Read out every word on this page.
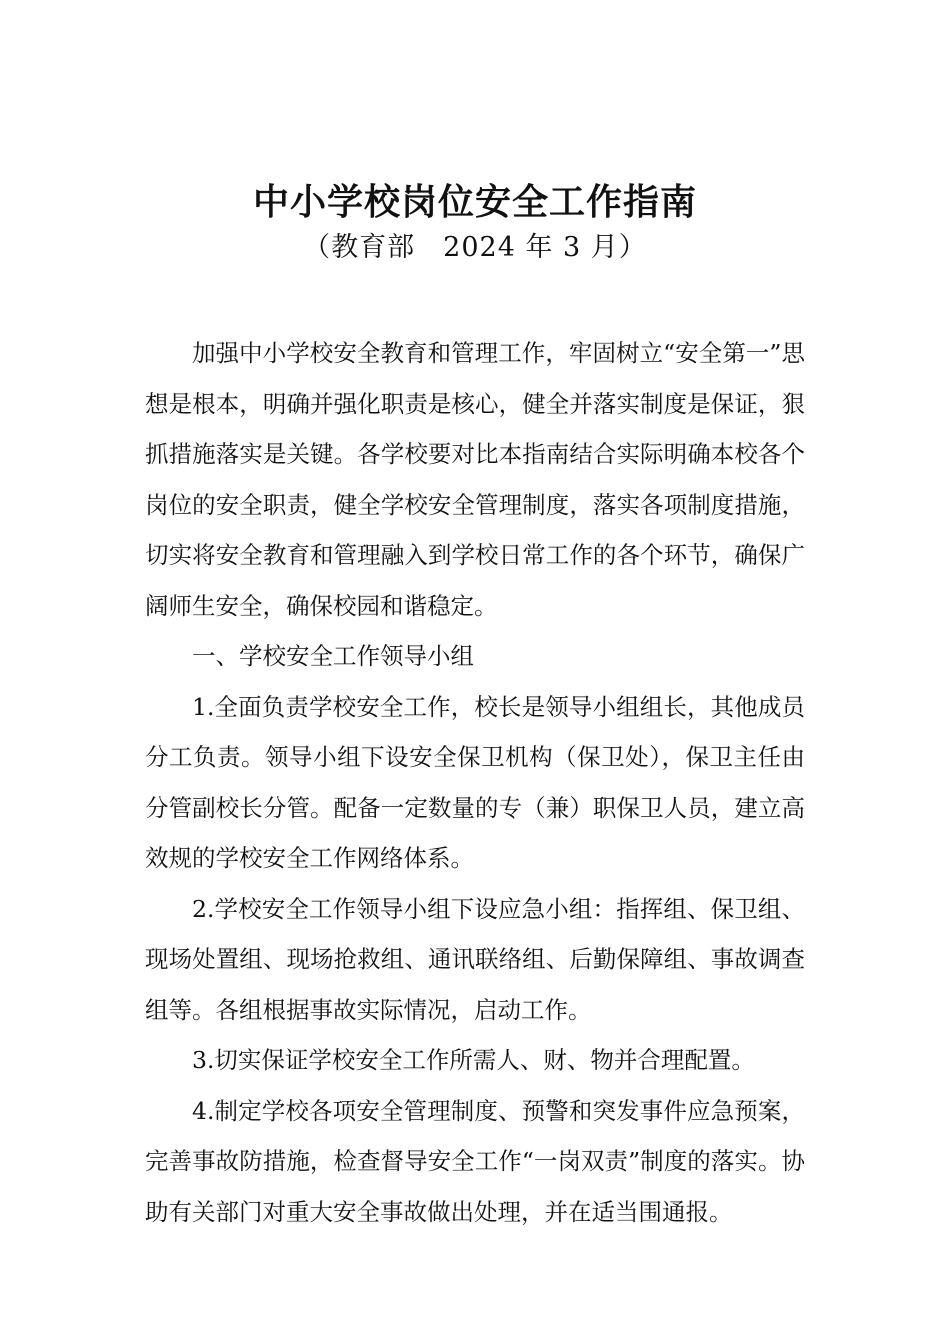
中小学校岗位安全工作指南
（教育部　2024 年 3 月）

加强中小学校安全教育和管理工作，牢固树立“安全第一”思想是根本，明确并强化职责是核心，健全并落实制度是保证，狠抓措施落实是关键。各学校要对比本指南结合实际明确本校各个岗位的安全职责，健全学校安全管理制度，落实各项制度措施，切实将安全教育和管理融入到学校日常工作的各个环节，确保广阔师生安全，确保校园和谐稳定。

一、学校安全工作领导小组

1.全面负责学校安全工作，校长是领导小组组长，其他成员分工负责。领导小组下设安全保卫机构（保卫处），保卫主任由分管副校长分管。配备一定数量的专（兼）职保卫人员，建立高效规的学校安全工作网络体系。

2.学校安全工作领导小组下设应急小组：指挥组、保卫组、现场处置组、现场抢救组、通讯联络组、后勤保障组、事故调查组等。各组根据事故实际情况，启动工作。

3.切实保证学校安全工作所需人、财、物并合理配置。

4.制定学校各项安全管理制度、预警和突发事件应急预案，完善事故防措施，检查督导安全工作“一岗双责”制度的落实。协助有关部门对重大安全事故做出处理，并在适当围通报。
